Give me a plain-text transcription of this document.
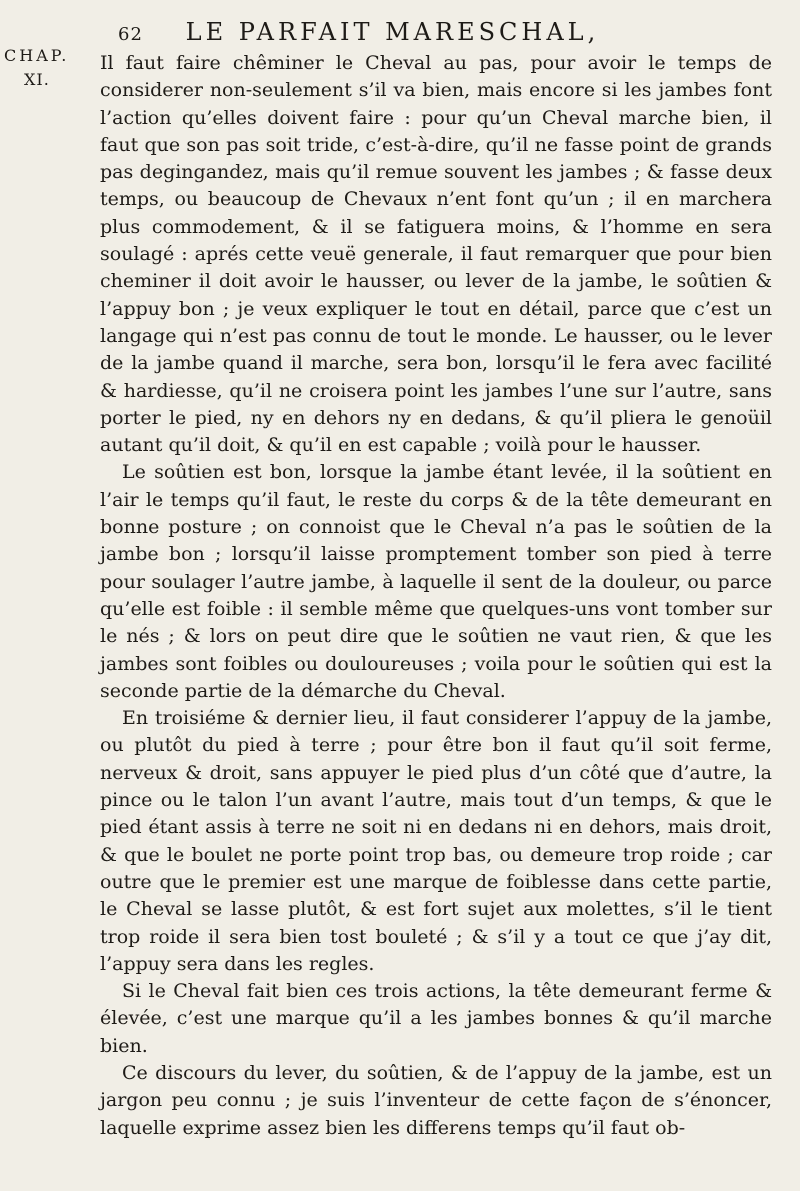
62 LE PARFAIT MARESCHAL,
CHAP.
XI.

Il faut faire chêminer le Cheval au pas, pour avoir le temps de considerer non-seulement s’il va bien, mais encore si les jambes font l’action qu’elles doivent faire : pour qu’un Cheval marche bien, il faut que son pas soit tride, c’est-à-dire, qu’il ne fasse point de grands pas degingandez, mais qu’il remue souvent les jambes ; & fasse deux temps, ou beaucoup de Chevaux n’ent font qu’un ; il en marchera plus commodement, & il se fatiguera moins, & l’homme en sera soulagé : aprés cette veuë generale, il faut remarquer que pour bien cheminer il doit avoir le hausser, ou lever de la jambe, le soûtien & l’appuy bon ; je veux expliquer le tout en détail, parce que c’est un langage qui n’est pas connu de tout le monde. Le hausser, ou le lever de la jambe quand il marche, sera bon, lorsqu’il le fera avec facilité & hardiesse, qu’il ne croisera point les jambes l’une sur l’autre, sans porter le pied, ny en dehors ny en dedans, & qu’il pliera le genoüil autant qu’il doit, & qu’il en est capable ; voilà pour le hausser.

Le soûtien est bon, lorsque la jambe étant levée, il la soûtient en l’air le temps qu’il faut, le reste du corps & de la tête demeurant en bonne posture ; on connoist que le Cheval n’a pas le soûtien de la jambe bon ; lorsqu’il laisse promptement tomber son pied à terre pour soulager l’autre jambe, à laquelle il sent de la douleur, ou parce qu’elle est foible : il semble même que quelques-uns vont tomber sur le nés ; & lors on peut dire que le soûtien ne vaut rien, & que les jambes sont foibles ou douloureuses ; voila pour le soûtien qui est la seconde partie de la démarche du Cheval.

En troisiéme & dernier lieu, il faut considerer l’appuy de la jambe, ou plutôt du pied à terre ; pour être bon il faut qu’il soit ferme, nerveux & droit, sans appuyer le pied plus d’un côté que d’autre, la pince ou le talon l’un avant l’autre, mais tout d’un temps, & que le pied étant assis à terre ne soit ni en dedans ni en dehors, mais droit, & que le boulet ne porte point trop bas, ou demeure trop roide ; car outre que le premier est une marque de foiblesse dans cette partie, le Cheval se lasse plutôt, & est fort sujet aux molettes, s’il le tient trop roide il sera bien tost bouleté ; & s’il y a tout ce que j’ay dit, l’appuy sera dans les regles.

Si le Cheval fait bien ces trois actions, la tête demeurant ferme & élevée, c’est une marque qu’il a les jambes bonnes & qu’il marche bien.

Ce discours du lever, du soûtien, & de l’appuy de la jambe, est un jargon peu connu ; je suis l’inventeur de cette façon de s’énoncer, laquelle exprime assez bien les differens temps qu’il faut ob-
